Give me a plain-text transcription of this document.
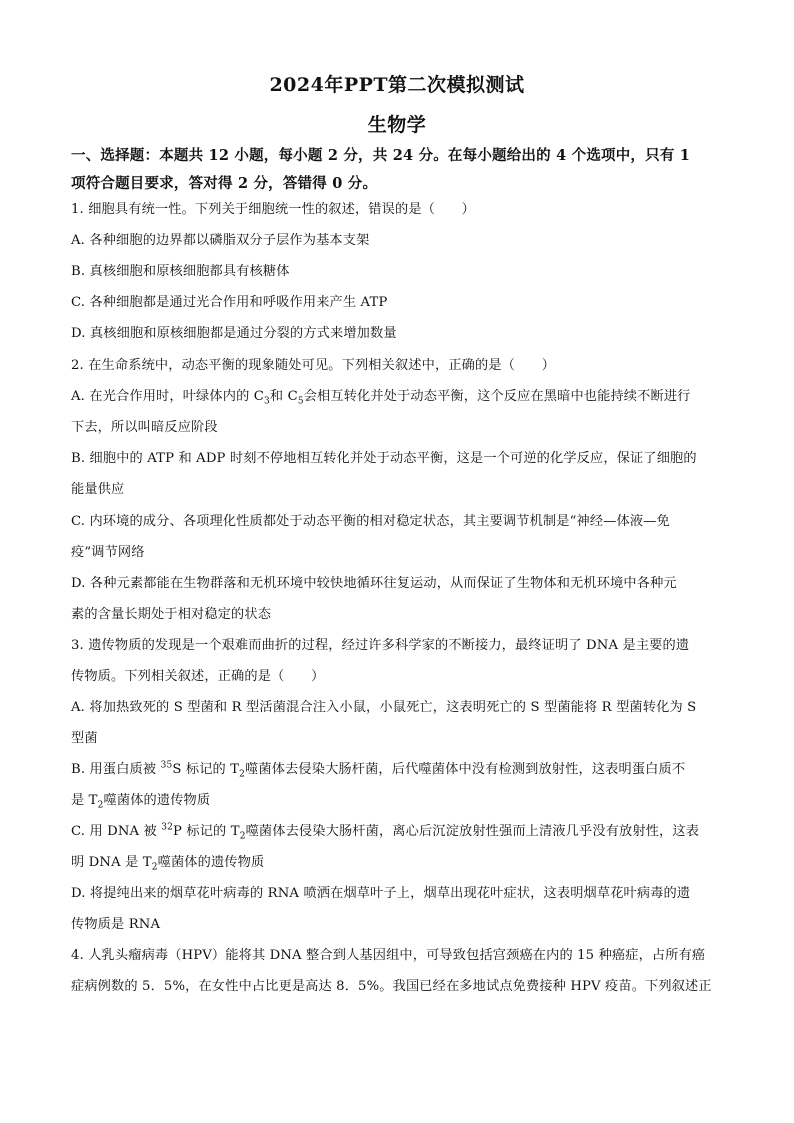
2024年PPT第二次模拟测试
生物学
一、选择题：本题共 12 小题，每小题 2 分，共 24 分。在每小题给出的 4 个选项中，只有 1
项符合题目要求，答对得 2 分，答错得 0 分。
1. 细胞具有统一性。下列关于细胞统一性的叙述，错误的是（　　）
A. 各种细胞的边界都以磷脂双分子层作为基本支架
B. 真核细胞和原核细胞都具有核糖体
C. 各种细胞都是通过光合作用和呼吸作用来产生 ATP
D. 真核细胞和原核细胞都是通过分裂的方式来增加数量
2. 在生命系统中，动态平衡的现象随处可见。下列相关叙述中，正确的是（　　）
A. 在光合作用时，叶绿体内的 $C_3$和 $C_5$会相互转化并处于动态平衡，这个反应在黑暗中也能持续不断进行
下去，所以叫暗反应阶段
B. 细胞中的 ATP 和 ADP 时刻不停地相互转化并处于动态平衡，这是一个可逆的化学反应，保证了细胞的
能量供应
C. 内环境的成分、各项理化性质都处于动态平衡的相对稳定状态，其主要调节机制是“神经—体液—免
疫”调节网络
D. 各种元素都能在生物群落和无机环境中较快地循环往复运动，从而保证了生物体和无机环境中各种元
素的含量长期处于相对稳定的状态
3. 遗传物质的发现是一个艰难而曲折的过程，经过许多科学家的不断接力，最终证明了 DNA 是主要的遗
传物质。下列相关叙述，正确的是（　　）
A. 将加热致死的 S 型菌和 R 型活菌混合注入小鼠，小鼠死亡，这表明死亡的 S 型菌能将 R 型菌转化为 S
型菌
B. 用蛋白质被 $^{35}$S 标记的 $T_2$噬菌体去侵染大肠杆菌，后代噬菌体中没有检测到放射性，这表明蛋白质不
是 $T_2$噬菌体的遗传物质
C. 用 DNA 被 $^{32}$P 标记的 $T_2$噬菌体去侵染大肠杆菌，离心后沉淀放射性强而上清液几乎没有放射性，这表
明 DNA 是 $T_2$噬菌体的遗传物质
D. 将提纯出来的烟草花叶病毒的 RNA 喷洒在烟草叶子上，烟草出现花叶症状，这表明烟草花叶病毒的遗
传物质是 RNA
4. 人乳头瘤病毒（HPV）能将其 DNA 整合到人基因组中，可导致包括宫颈癌在内的 15 种癌症，占所有癌
症病例数的 5．5%，在女性中占比更是高达 8．5%。我国已经在多地试点免费接种 HPV 疫苗。下列叙述正
